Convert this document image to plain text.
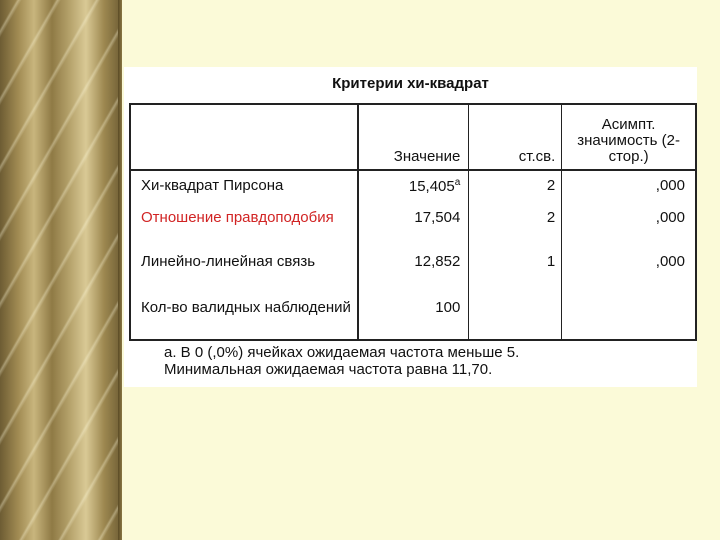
Критерии хи-квадрат
	Значение	ст.св.	Асимпт. значимость (2-стор.)
Хи-квадрат Пирсона	15,405$^a$	2	,000
Отношение правдоподобия	17,504	2	,000
Линейно-линейная связь	12,852	1	,000
Кол-во валидных наблюдений	100		
a. В 0 (,0%) ячейках ожидаемая частота меньше 5.
Минимальная ожидаемая частота равна 11,70.
